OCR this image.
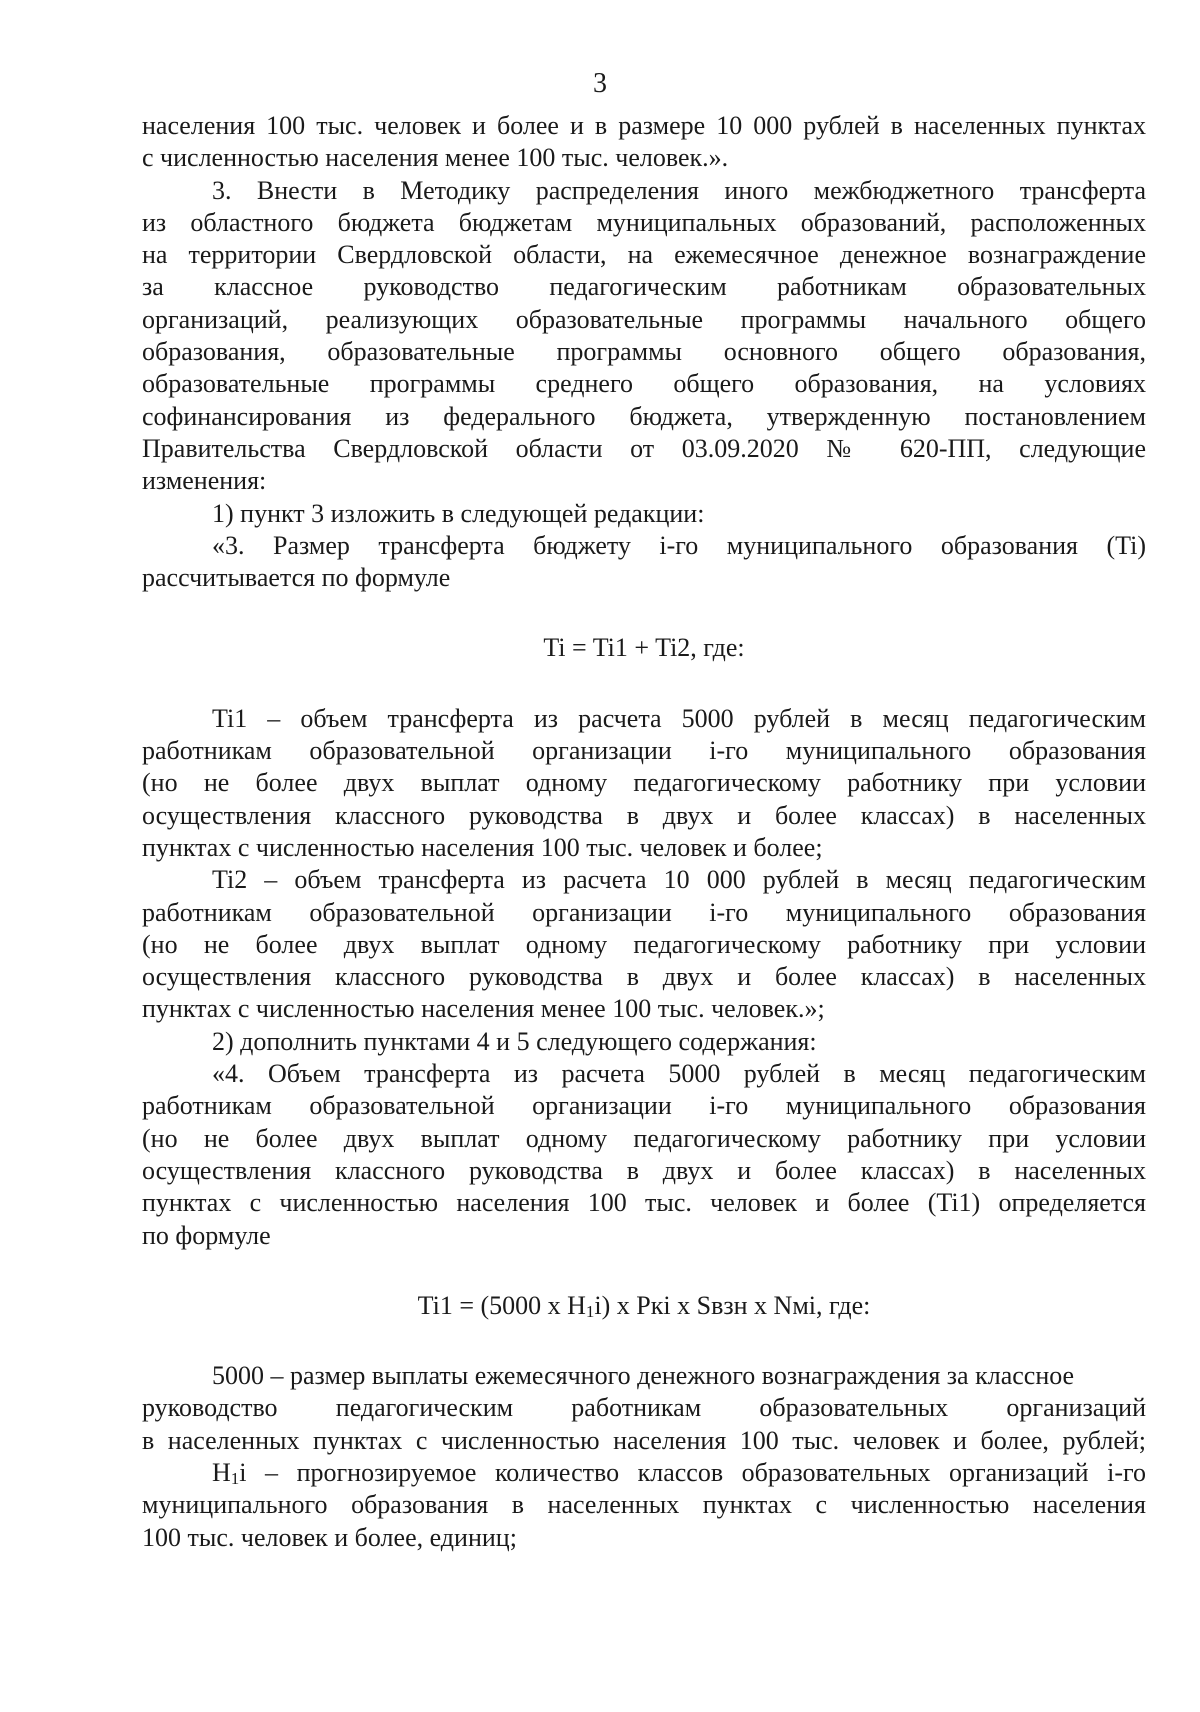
3
населения 100 тыс. человек и более и в размере 10 000 рублей в населенных пунктах
с численностью населения менее 100 тыс. человек.».
3. Внести в Методику распределения иного межбюджетного трансферта
из областного бюджета бюджетам муниципальных образований, расположенных
на территории Свердловской области, на ежемесячное денежное вознаграждение
за классное руководство педагогическим работникам образовательных
организаций, реализующих образовательные программы начального общего
образования, образовательные программы основного общего образования,
образовательные программы среднего общего образования, на условиях
софинансирования из федерального бюджета, утвержденную постановлением
Правительства Свердловской области от 03.09.2020 № 620-ПП, следующие
изменения:
1) пункт 3 изложить в следующей редакции:
«3. Размер трансферта бюджету i-го муниципального образования (Ti)
рассчитывается по формуле
Ti = Ti1 + Ti2, где:
Ti1 – объем трансферта из расчета 5000 рублей в месяц педагогическим
работникам образовательной организации i-го муниципального образования
(но не более двух выплат одному педагогическому работнику при условии
осуществления классного руководства в двух и более классах) в населенных
пунктах с численностью населения 100 тыс. человек и более;
Ti2 – объем трансферта из расчета 10 000 рублей в месяц педагогическим
работникам образовательной организации i-го муниципального образования
(но не более двух выплат одному педагогическому работнику при условии
осуществления классного руководства в двух и более классах) в населенных
пунктах с численностью населения менее 100 тыс. человек.»;
2) дополнить пунктами 4 и 5 следующего содержания:
«4. Объем трансферта из расчета 5000 рублей в месяц педагогическим
работникам образовательной организации i-го муниципального образования
(но не более двух выплат одному педагогическому работнику при условии
осуществления классного руководства в двух и более классах) в населенных
пунктах с численностью населения 100 тыс. человек и более (Ti1) определяется
по формуле
Ti1 = (5000 x $H_1i$) x Pкi x Sвзн x Nмi, где:
5000 – размер выплаты ежемесячного денежного вознаграждения за классное
руководство педагогическим работникам образовательных организаций
в населенных пунктах с численностью населения 100 тыс. человек и более, рублей;
$H_1i$ – прогнозируемое количество классов образовательных организаций i-го
муниципального образования в населенных пунктах с численностью населения
100 тыс. человек и более, единиц;
